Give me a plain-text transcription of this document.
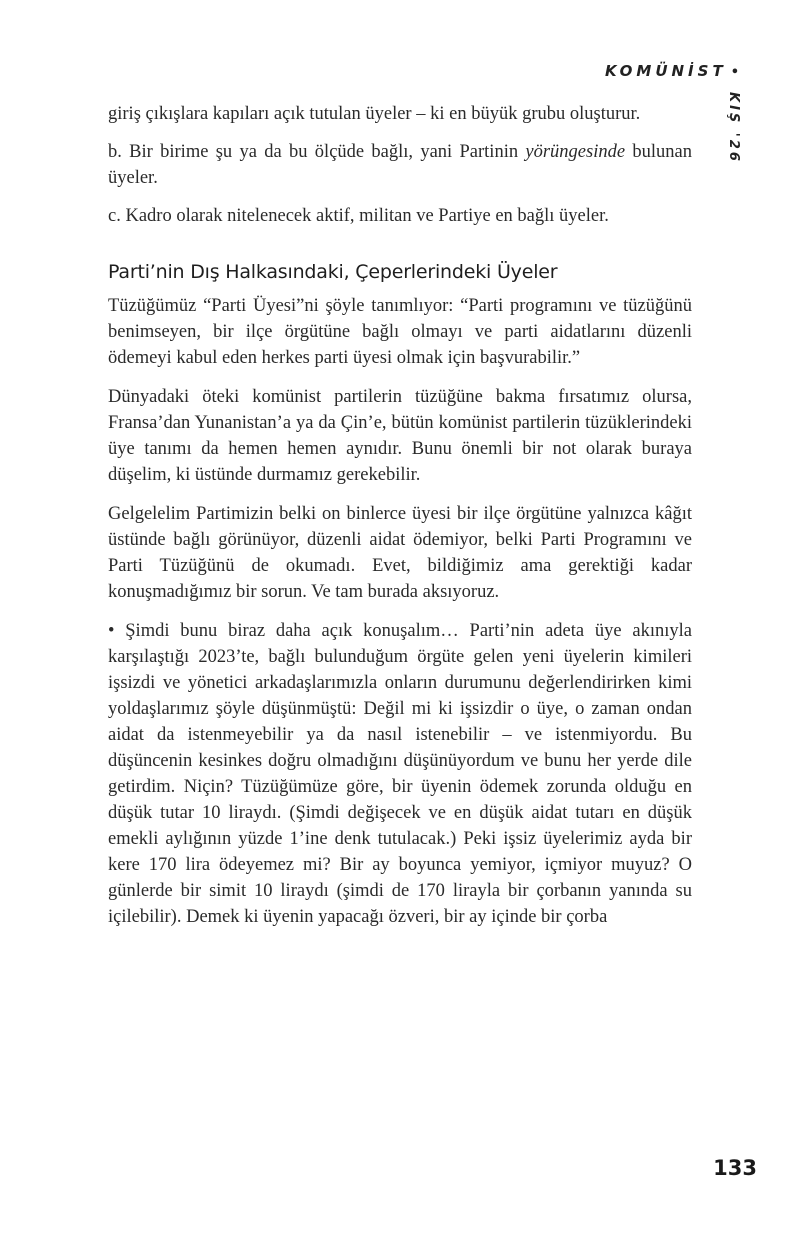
KOMÜNİST •
KIŞ '26

giriş çıkışlara kapıları açık tutulan üyeler – ki en büyük grubu oluşturur.

b. Bir birime şu ya da bu ölçüde bağlı, yani Partinin yörüngesinde bulunan üyeler.

c. Kadro olarak nitelenecek aktif, militan ve Partiye en bağlı üyeler.

Parti’nin Dış Halkasındaki, Çeperlerindeki Üyeler

Tüzüğümüz “Parti Üyesi”ni şöyle tanımlıyor: “Parti programını ve tüzüğünü benimseyen, bir ilçe örgütüne bağlı olmayı ve parti aidatlarını düzenli ödemeyi kabul eden herkes parti üyesi olmak için başvurabilir.”

Dünyadaki öteki komünist partilerin tüzüğüne bakma fırsatımız olursa, Fransa’dan Yunanistan’a ya da Çin’e, bütün komünist partilerin tüzüklerindeki üye tanımı da hemen hemen aynıdır. Bunu önemli bir not olarak buraya düşelim, ki üstünde durmamız gerekebilir.

Gelgelelim Partimizin belki on binlerce üyesi bir ilçe örgütüne yalnızca kâğıt üstünde bağlı görünüyor, düzenli aidat ödemiyor, belki Parti Programını ve Parti Tüzüğünü de okumadı. Evet, bildiğimiz ama gerektiği kadar konuşmadığımız bir sorun. Ve tam burada aksıyoruz.

• Şimdi bunu biraz daha açık konuşalım… Parti’nin adeta üye akınıyla karşılaştığı 2023’te, bağlı bulunduğum örgüte gelen yeni üyelerin kimileri işsizdi ve yönetici arkadaşlarımızla onların durumunu değerlendirirken kimi yoldaşlarımız şöyle düşünmüştü: Değil mi ki işsizdir o üye, o zaman ondan aidat da istenmeyebilir ya da nasıl istenebilir – ve istenmiyordu. Bu düşüncenin kesinkes doğru olmadığını düşünüyordum ve bunu her yerde dile getirdim. Niçin? Tüzüğümüze göre, bir üyenin ödemek zorunda olduğu en düşük tutar 10 liraydı. (Şimdi değişecek ve en düşük aidat tutarı en düşük emekli aylığının yüzde 1’ine denk tutulacak.) Peki işsiz üyelerimiz ayda bir kere 170 lira ödeyemez mi? Bir ay boyunca yemiyor, içmiyor muyuz? O günlerde bir simit 10 liraydı (şimdi de 170 lirayla bir çorbanın yanında su içilebilir). Demek ki üyenin yapacağı özveri, bir ay içinde bir çorba

133
